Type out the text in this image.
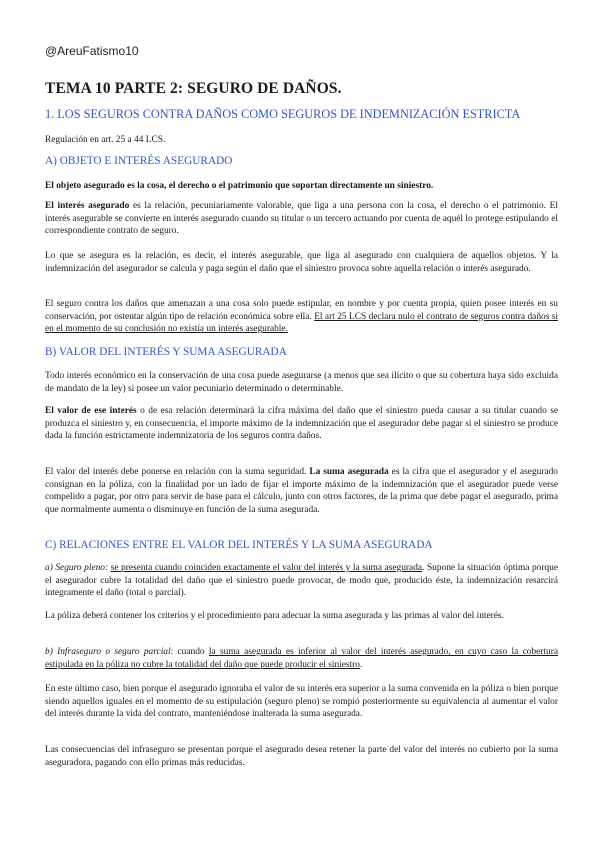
@AreuFatismo10
TEMA 10 PARTE 2: SEGURO DE DAÑOS.
1. LOS SEGUROS CONTRA DAÑOS COMO SEGUROS DE INDEMNIZACIÓN ESTRICTA

Regulación en art. 25 a 44 LCS.

A) OBJETO E INTERÉS ASEGURADO

El objeto asegurado es la cosa, el derecho o el patrimonio que soportan directamente un siniestro.

El interés asegurado es la relación, pecuniariamente valorable, que liga a una persona con la cosa, el derecho o el patrimonio. El interés asegurable se convierte en interés asegurado cuando su titular o un tercero actuando por cuenta de aquél lo protege estipulando el correspondiente contrato de seguro.

Lo que se asegura es la relación, es decir, el interés asegurable, que liga al asegurado con cualquiera de aquellos objetos. Y la indemnización del asegurador se calcula y paga según el daño que el siniestro provoca sobre aquella relación o interés asegurado.

El seguro contra los daños que amenazan a una cosa solo puede estipular, en nombre y por cuenta propia, quien posee interés en su conservación, por ostentar algún tipo de relación económica sobre ella. El art 25 LCS declara nulo el contrato de seguros contra daños si en el momento de su conclusión no existía un interés asegurable.

B) VALOR DEL INTERÉS Y SUMA ASEGURADA

Todo interés económico en la conservación de una cosa puede asegurarse (a menos que sea ilícito o que su cobertura haya sido excluida de mandato de la ley) si posee un valor pecuniario determinado o determinable.

El valor de ese interés o de esa relación determinará la cifra máxima del daño que el siniestro pueda causar a su titular cuando se produzca el siniestro y, en consecuencia, el importe máximo de la indemnización que el asegurador debe pagar si el siniestro se produce dada la función estrictamente indemnizatoria de los seguros contra daños.

El valor del interés debe ponerse en relación con la suma seguridad. La suma asegurada es la cifra que el asegurador y el asegurado consignan en la póliza, con la finalidad por un lado de fijar el importe máximo de la indemnización que el asegurador puede verse compelido a pagar, por otro para servir de base para el cálculo, junto con otros factores, de la prima que debe pagar el asegurado, prima que normalmente aumenta o disminuye en función de la suma asegurada.

C) RELACIONES ENTRE EL VALOR DEL INTERÉS Y LA SUMA ASEGURADA

a) Seguro pleno: se presenta cuando coinciden exactamente el valor del interés y la suma asegurada. Supone la situación óptima porque el asegurador cubre la totalidad del daño que el siniestro puede provocar, de modo que, producido éste, la indemnización resarcirá íntegramente el daño (total o parcial).

La póliza deberá contener los criterios y el procedimiento para adecuar la suma asegurada y las primas al valor del interés.

b) Infraseguro o seguro parcial: cuando la suma asegurada es inferior al valor del interés asegurado, en cuyo caso la cobertura estipulada en la póliza no cubre la totalidad del daño que puede producir el siniestro.

En este último caso, bien porque el asegurado ignoraba el valor de su interés era superior a la suma convenida en la póliza o bien porque siendo aquellos iguales en el momento de su estipulación (seguro pleno) se rompió posteriormente su equivalencia al aumentar el valor del interés durante la vida del contrato, manteniéndose inalterada la suma asegurada.

Las consecuencias del infraseguro se presentan porque el asegurado desea retener la parte del valor del interés no cubierto por la suma aseguradora, pagando con ello primas más reducidas.
